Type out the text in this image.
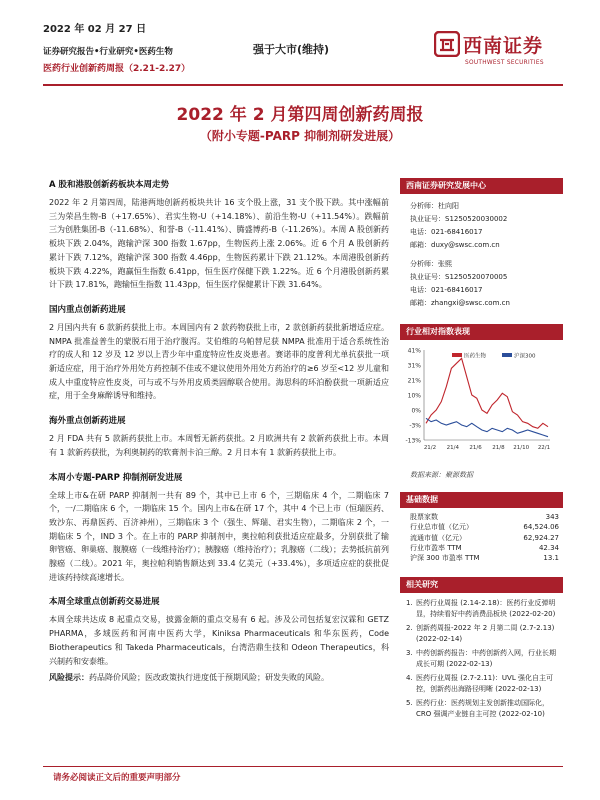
2022 年 02 月 27 日
证券研究报告•行业研究•医药生物
医药行业创新药周报（2.21-2.27）
强于大市(维持)	西南证券
SOUTHWEST SECURITIES
2022 年 2 月第四周创新药周报
（附小专题-PARP 抑制剂研发进展）
A 股和港股创新药板块本周走势
2022 年 2 月第四周，陆港两地创新药板块共计 16 支个股上涨，31 支个股下跌。其中涨幅前三为荣昌生物-B（+17.65%）、君实生物-U（+14.18%）、前沿生物-U（+11.54%）。跌幅前三为创胜集团-B（-11.68%）、和誉-B（-11.41%）、腾盛博药-B（-11.26%）。本周 A 股创新药板块下跌 2.04%，跑输沪深 300 指数 1.67pp，生物医药上涨 2.06%。近 6 个月 A 股创新药累计下跌 7.12%，跑输沪深 300 指数 4.46pp，生物医药累计下跌 21.12%。本周港股创新药板块下跌 4.22%，跑赢恒生指数 6.41pp，恒生医疗保健下跌 1.22%。近 6 个月港股创新药累计下跌 17.81%，跑输恒生指数 11.43pp，恒生医疗保健累计下跌 31.64%。
国内重点创新药进展
2 月国内共有 6 款新药获批上市。本周国内有 2 款药物获批上市，2 款创新药获批新增适应症。NMPA 批准益普生的蒙脱石用于治疗腹泻。艾伯维的乌帕替尼获 NMPA 批准用于适合系统性治疗的成人和 12 岁及 12 岁以上青少年中重度特应性皮炎患者。赛诺菲的度普利尤单抗获批一项新适应症，用于治疗外用处方药控制不佳或不建议使用外用处方药治疗的≥6 岁至<12 岁儿童和成人中重度特应性皮炎，可与或不与外用皮质类固醇联合使用。海思科的环泊酚获批一项新适应症，用于全身麻醉诱导和维持。
海外重点创新药进展
2 月 FDA 共有 5 款新药获批上市。本周暂无新药获批。2 月欧洲共有 2 款新药获批上市。本周有 1 款新药获批，为利奥制药的软膏剂卡泊三醇。2 月日本有 1 款新药获批上市。
本周小专题-PARP 抑制剂研发进展
全球上市&在研 PARP 抑制剂一共有 89 个，其中已上市 6 个，三期临床 4 个，二期临床 7 个，一/二期临床 6 个，一期临床 15 个。国内上市&在研 17 个，其中 4 个已上市（恒瑞医药、致沙东、再鼎医药、百济神州），三期临床 3 个（强生、辉瑞、君实生物），二期临床 2 个，一期临床 5 个，IND 3 个。在上市的 PARP 抑制剂中，奥拉帕利获批适应症最多，分别获批了输卵管癌、卵巢癌、腹膜癌（一线维持治疗）；胰腺癌（维持治疗）；乳腺癌（二线）；去势抵抗前列腺癌（二线）。2021 年，奥拉帕利销售额达到 33.4 亿美元（+33.4%），多项适应症的获批促进该药持续高速增长。
本周全球重点创新药交易进展
本周全球共达成 8 起重点交易，披露金额的重点交易有 6 起。涉及公司包括复宏汉霖和 GETZ PHARMA，多域医药和河南中医药大学，Kiniksa Pharmaceuticals 和华东医药，Code Biotherapeutics 和 Takeda Pharmaceuticals，台湾浩鼎生技和 Odeon Therapeutics，科兴制药和安泰维。
风险提示：药品降价风险；医改政策执行进度低于预期风险；研发失败的风险。
西南证券研究发展中心
分析师：杜向阳
执业证号：S1250520030002
电话：021-68416017
邮箱：duxy@swsc.com.cn
分析师：张熙
执业证号：S1250520070005
电话：021-68416017
邮箱：zhangxi@swsc.com.cn
行业相对指数表现
41%
31%
21%
10%
0%
-3%
-13%
21/2 21/4 21/6 21/8 21/10 22/1
医药生物	沪深300
数据来源：聚源数据
基础数据
股票家数	343
行业总市值（亿元）	64,524.06
流通市值（亿元）	62,924.27
行业市盈率 TTM	42.34
沪深 300 市盈率 TTM	13.1
相关研究
1. 医药行业周报 (2.14-2.18)：医药行业反弹明显，持续看好中药消费品板块 (2022-02-20)
2. 创新药周报-2022 年 2 月第二周 (2.7-2.13) (2022-02-14)
3. 中药创新药报告：中药创新药入网，行业长期成长可期 (2022-02-13)
4. 医药行业周报 (2.7-2.11)：UVL 强化自主可控，创新药出海路径明晰 (2022-02-13)
5. 医药行业：医药规划主发创新推动国际化，CRO 强调产业链自主可控 (2022-02-10)
请务必阅读正文后的重要声明部分
